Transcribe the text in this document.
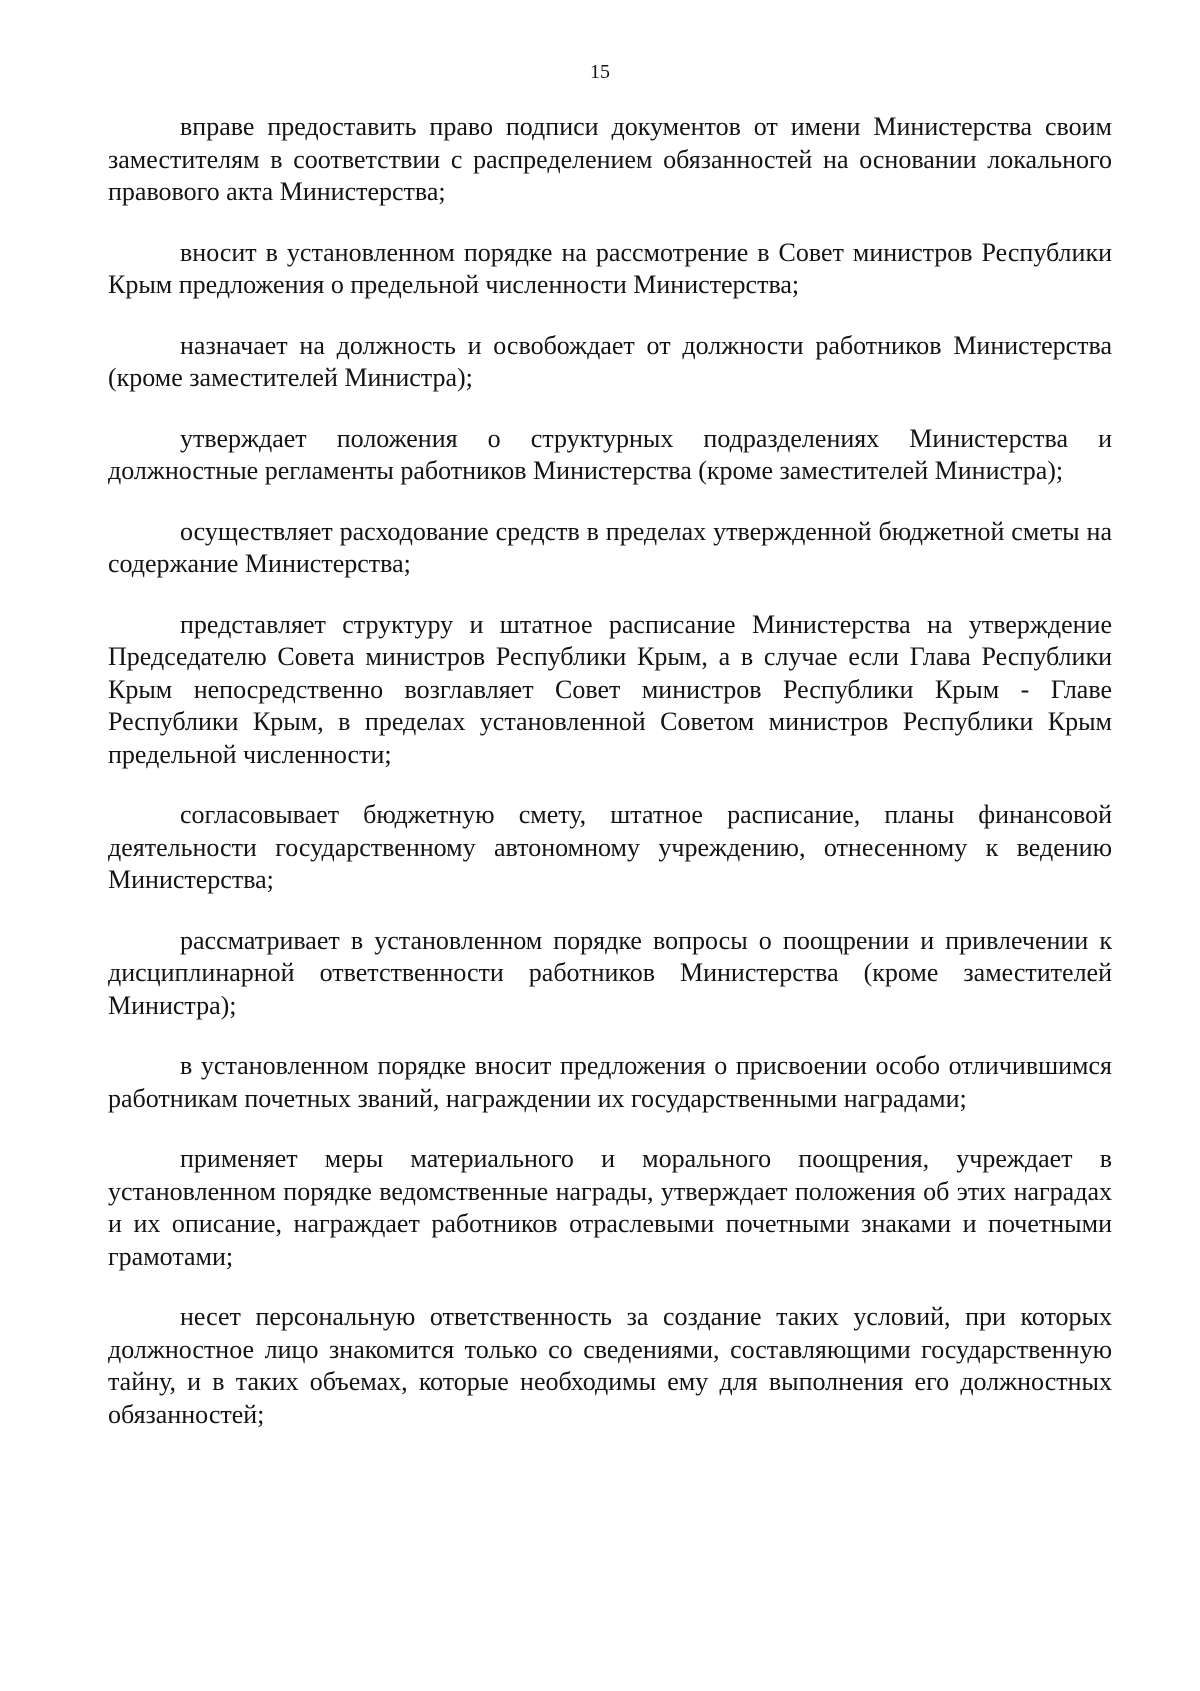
15

вправе предоставить право подписи документов от имени Министерства своим заместителям в соответствии с распределением обязанностей на основании локального правового акта Министерства;

вносит в установленном порядке на рассмотрение в Совет министров Республики Крым предложения о предельной численности Министерства;

назначает на должность и освобождает от должности работников Министерства (кроме заместителей Министра);

утверждает положения о структурных подразделениях Министерства и должностные регламенты работников Министерства (кроме заместителей Министра);

осуществляет расходование средств в пределах утвержденной бюджетной сметы на содержание Министерства;

представляет структуру и штатное расписание Министерства на утверждение Председателю Совета министров Республики Крым, а в случае если Глава Республики Крым непосредственно возглавляет Совет министров Республики Крым - Главе Республики Крым, в пределах установленной Советом министров Республики Крым предельной численности;

согласовывает бюджетную смету, штатное расписание, планы финансовой деятельности государственному автономному учреждению, отнесенному к ведению Министерства;

рассматривает в установленном порядке вопросы о поощрении и привлечении к дисциплинарной ответственности работников Министерства (кроме заместителей Министра);

в установленном порядке вносит предложения о присвоении особо отличившимся работникам почетных званий, награждении их государственными наградами;

применяет меры материального и морального поощрения, учреждает в установленном порядке ведомственные награды, утверждает положения об этих наградах и их описание, награждает работников отраслевыми почетными знаками и почетными грамотами;

несет персональную ответственность за создание таких условий, при которых должностное лицо знакомится только со сведениями, составляющими государственную тайну, и в таких объемах, которые необходимы ему для выполнения его должностных обязанностей;
